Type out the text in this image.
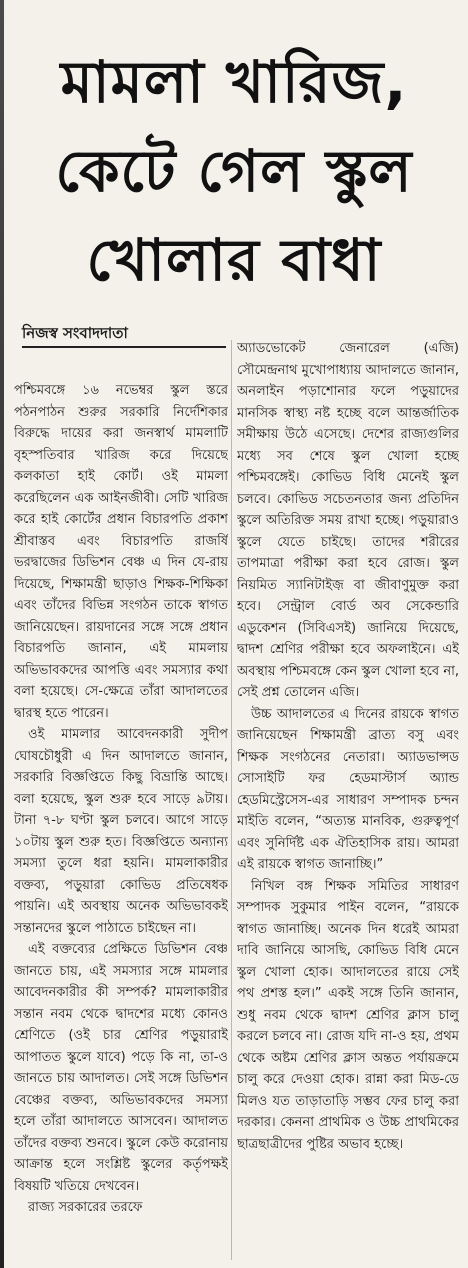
মামলা খারিজ,
কেটে গেল স্কুল
খোলার বাধা
নিজস্ব সংবাদদাতা

পশ্চিমবঙ্গে ১৬ নভেম্বর স্কুল স্তরে পঠনপাঠন শুরুর সরকারি নির্দেশিকার বিরুদ্ধে দায়ের করা জনস্বার্থ মামলাটি বৃহস্পতিবার খারিজ করে দিয়েছে কলকাতা হাই কোর্ট। ওই মামলা করেছিলেন এক আইনজীবী। সেটি খারিজ করে হাই কোর্টের প্রধান বিচারপতি প্রকাশ শ্রীবাস্তব এবং বিচারপতি রাজর্ষি ভরদ্বাজের ডিভিশন বেঞ্চ এ দিন যে-রায় দিয়েছে, শিক্ষামন্ত্রী ছাড়াও শিক্ষক-শিক্ষিকা এবং তাঁদের বিভিন্ন সংগঠন তাকে স্বাগত জানিয়েছেন। রায়দানের সঙ্গে সঙ্গে প্রধান বিচারপতি জানান, এই মামলায় অভিভাবকদের আপত্তি এবং সমস্যার কথা বলা হয়েছে। সে-ক্ষেত্রে তাঁরা আদালতের দ্বারস্থ হতে পারেন।

ওই মামলার আবেদনকারী সুদীপ ঘোষচৌধুরী এ দিন আদালতে জানান, সরকারি বিজ্ঞপ্তিতে কিছু বিভ্রান্তি আছে। বলা হয়েছে, স্কুল শুরু হবে সাড়ে ৯টায়। টানা ৭-৮ ঘণ্টা স্কুল চলবে। আগে সাড়ে ১০টায় স্কুল শুরু হত। বিজ্ঞপ্তিতে অন্যান্য সমস্যা তুলে ধরা হয়নি। মামলাকারীর বক্তব্য, পড়ুয়ারা কোভিড প্রতিষেধক পায়নি। এই অবস্থায় অনেক অভিভাবকই সন্তানদের স্কুলে পাঠাতে চাইছেন না।

এই বক্তব্যের প্রেক্ষিতে ডিভিশন বেঞ্চ জানতে চায়, এই সমস্যার সঙ্গে মামলার আবেদনকারীর কী সম্পর্ক? মামলাকারীর সন্তান নবম থেকে দ্বাদশের মধ্যে কোনও শ্রেণিতে (ওই চার শ্রেণির পড়ুয়ারাই আপাতত স্কুলে যাবে) পড়ে কি না, তা-ও জানতে চায় আদালত। সেই সঙ্গে ডিভিশন বেঞ্চের বক্তব্য, অভিভাবকদের সমস্যা হলে তাঁরা আদালতে আসবেন। আদালত তাঁদের বক্তব্য শুনবে। স্কুলে কেউ করোনায় আক্রান্ত হলে সংশ্লিষ্ট স্কুলের কর্তৃপক্ষই বিষয়টি খতিয়ে দেখবেন।

রাজ্য সরকারের তরফে

অ্যাডভোকেট জেনারেল (এজি) সৌমেন্দ্রনাথ মুখোপাধ্যায় আদালতে জানান, অনলাইন পড়াশোনার ফলে পড়ুয়াদের মানসিক স্বাস্থ্য নষ্ট হচ্ছে বলে আন্তর্জাতিক সমীক্ষায় উঠে এসেছে। দেশের রাজ্যগুলির মধ্যে সব শেষে স্কুল খোলা হচ্ছে পশ্চিমবঙ্গেই। কোভিড বিধি মেনেই স্কুল চলবে। কোভিড সচেতনতার জন্য প্রতিদিন স্কুলে অতিরিক্ত সময় রাখা হচ্ছে। পড়ুয়ারাও স্কুলে যেতে চাইছে। তাদের শরীরের তাপমাত্রা পরীক্ষা করা হবে রোজ। স্কুল নিয়মিত স্যানিটাইজ় বা জীবাণুমুক্ত করা হবে। সেন্ট্রাল বোর্ড অব সেকেন্ডারি এডুকেশন (সিবিএসই) জানিয়ে দিয়েছে, দ্বাদশ শ্রেণির পরীক্ষা হবে অফলাইনে। এই অবস্থায় পশ্চিমবঙ্গে কেন স্কুল খোলা হবে না, সেই প্রশ্ন তোলেন এজি।

উচ্চ আদালতের এ দিনের রায়কে স্বাগত জানিয়েছেন শিক্ষামন্ত্রী ব্রাত্য বসু এবং শিক্ষক সংগঠনের নেতারা। অ্যাডভান্সড সোসাইটি ফর হেডমাস্টার্স অ্যান্ড হেডমিস্ট্রেসেস-এর সাধারণ সম্পাদক চন্দন মাইতি বলেন, “অত্যন্ত মানবিক, গুরুত্বপূর্ণ এবং সুনির্দিষ্ট এক ঐতিহাসিক রায়। আমরা এই রায়কে স্বাগত জানাচ্ছি।”

নিখিল বঙ্গ শিক্ষক সমিতির সাধারণ সম্পাদক সুকুমার পাইন বলেন, “রায়কে স্বাগত জানাচ্ছি। অনেক দিন ধরেই আমরা দাবি জানিয়ে আসছি, কোভিড বিধি মেনে স্কুল খোলা হোক। আদালতের রায়ে সেই পথ প্রশস্ত হল।” একই সঙ্গে তিনি জানান, শুধু নবম থেকে দ্বাদশ শ্রেণির ক্লাস চালু করলে চলবে না। রোজ যদি না-ও হয়, প্রথম থেকে অষ্টম শ্রেণির ক্লাস অন্তত পর্যায়ক্রমে চালু করে দেওয়া হোক। রান্না করা মিড-ডে মিলও যত তাড়াতাড়ি সম্ভব ফের চালু করা দরকার। কেননা প্রাথমিক ও উচ্চ প্রাথমিকের ছাত্রছাত্রীদের পুষ্টির অভাব হচ্ছে।
